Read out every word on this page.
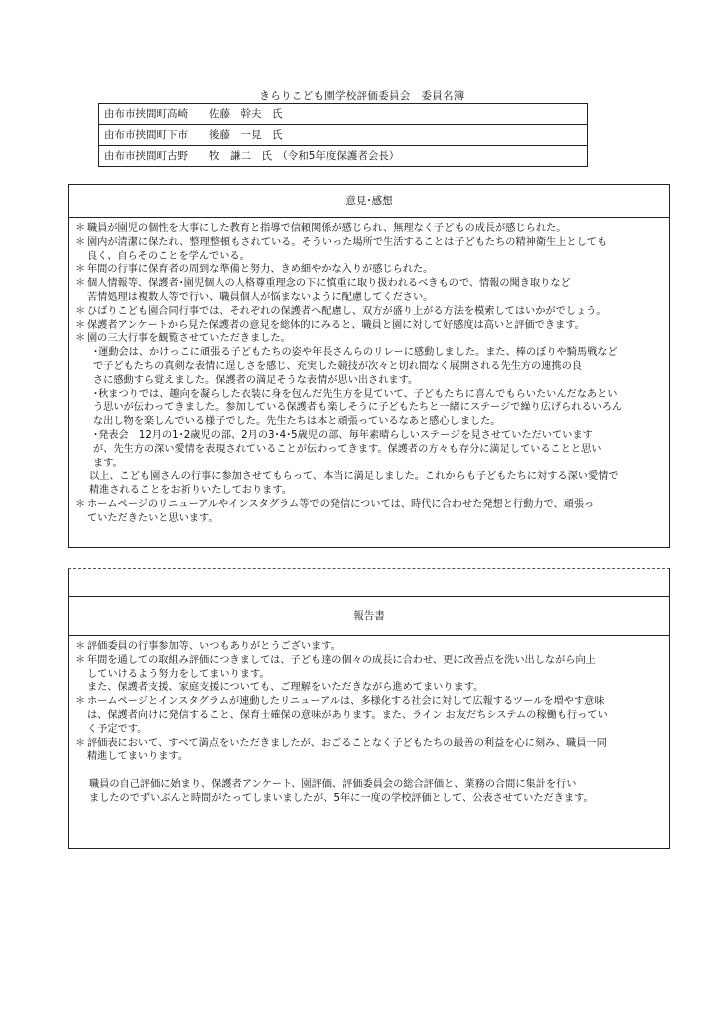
きらりこども園学校評価委員会　委員名簿
由布市挟間町高崎　　佐藤　幹夫　氏
由布市挟間町下市　　後藤　一見　氏
由布市挟間町古野　　牧　謙二　氏　（令和5年度保護者会長）
意見･感想
＊ 職員が園児の個性を大事にした教育と指導で信頼関係が感じられ、無理なく子どもの成長が感じられた。
＊ 園内が清潔に保たれ、整理整頓もされている。そういった場所で生活することは子どもたちの精神衛生上としても
良く、自らそのことを学んでいる。
＊ 年間の行事に保育者の周到な準備と努力、きめ細やかな入りが感じられた。
＊ 個人情報等、保護者･園児個人の人格尊重理念の下に慎重に取り扱われるべきもので、情報の聞き取りなど
苦情処理は複数人等で行い、職員個人が悩まないように配慮してください。
＊ ひばりこども園合同行事では、それぞれの保護者へ配慮し、双方が盛り上がる方法を模索してはいかがでしょう。
＊ 保護者アンケートから見た保護者の意見を総体的にみると、職員と園に対して好感度は高いと評価できます。
＊ 園の三大行事を観覧させていただきました。
･運動会は、かけっこに頑張る子どもたちの姿や年長さんらのリレーに感動しました。また、棒のぼりや騎馬戦など
で子どもたちの真剣な表情に逞しさを感じ、充実した競技が次々と切れ間なく展開される先生方の連携の良
さに感動すら覚えました。保護者の満足そうな表情が思い出されます。
･秋まつりでは、趣向を凝らした衣装に身を包んだ先生方を見ていて、子どもたちに喜んでもらいたいんだなあとい
う思いが伝わってきました。参加している保護者も楽しそうに子どもたちと一緒にステージで繰り広げられるいろん
な出し物を楽しんでいる様子でした。先生たちは本と頑張っているなあと感心しました。
･発表会　12月の1･2歳児の部、2月の3･4･5歳児の部、毎年素晴らしいステージを見させていただいています
が、先生方の深い愛情を表現されていることが伝わってきます。保護者の方々も存分に満足していることと思い
ます。
以上、こども園さんの行事に参加させてもらって、本当に満足しました。これからも子どもたちに対する深い愛情で
精進されることをお祈りいたしております。
＊ ホームページのリニューアルやインスタグラム等での発信については、時代に合わせた発想と行動力で、頑張っ
ていただきたいと思います。
報告書
＊ 評価委員の行事参加等、いつもありがとうございます。
＊ 年間を通しての取組み評価につきましては、子ども達の個々の成長に合わせ、更に改善点を洗い出しながら向上
していけるよう努力をしてまいります。
また、保護者支援、家庭支援についても、ご理解をいただきながら進めてまいります。
＊ ホームページとインスタグラムが連動したリニューアルは、多様化する社会に対して広報するツールを増やす意味
は、保護者向けに発信すること、保育士確保の意味があります。また、ライン お友だちシステムの稼働も行ってい
く予定です。
＊ 評価表において、すべて満点をいただきましたが、おごることなく子どもたちの最善の利益を心に刻み、職員一同
精進してまいります。
職員の自己評価に始まり、保護者アンケート、園評価、評価委員会の総合評価と、業務の合間に集計を行い
ましたのでずいぶんと時間がたってしまいましたが、5年に一度の学校評価として、公表させていただきます。
